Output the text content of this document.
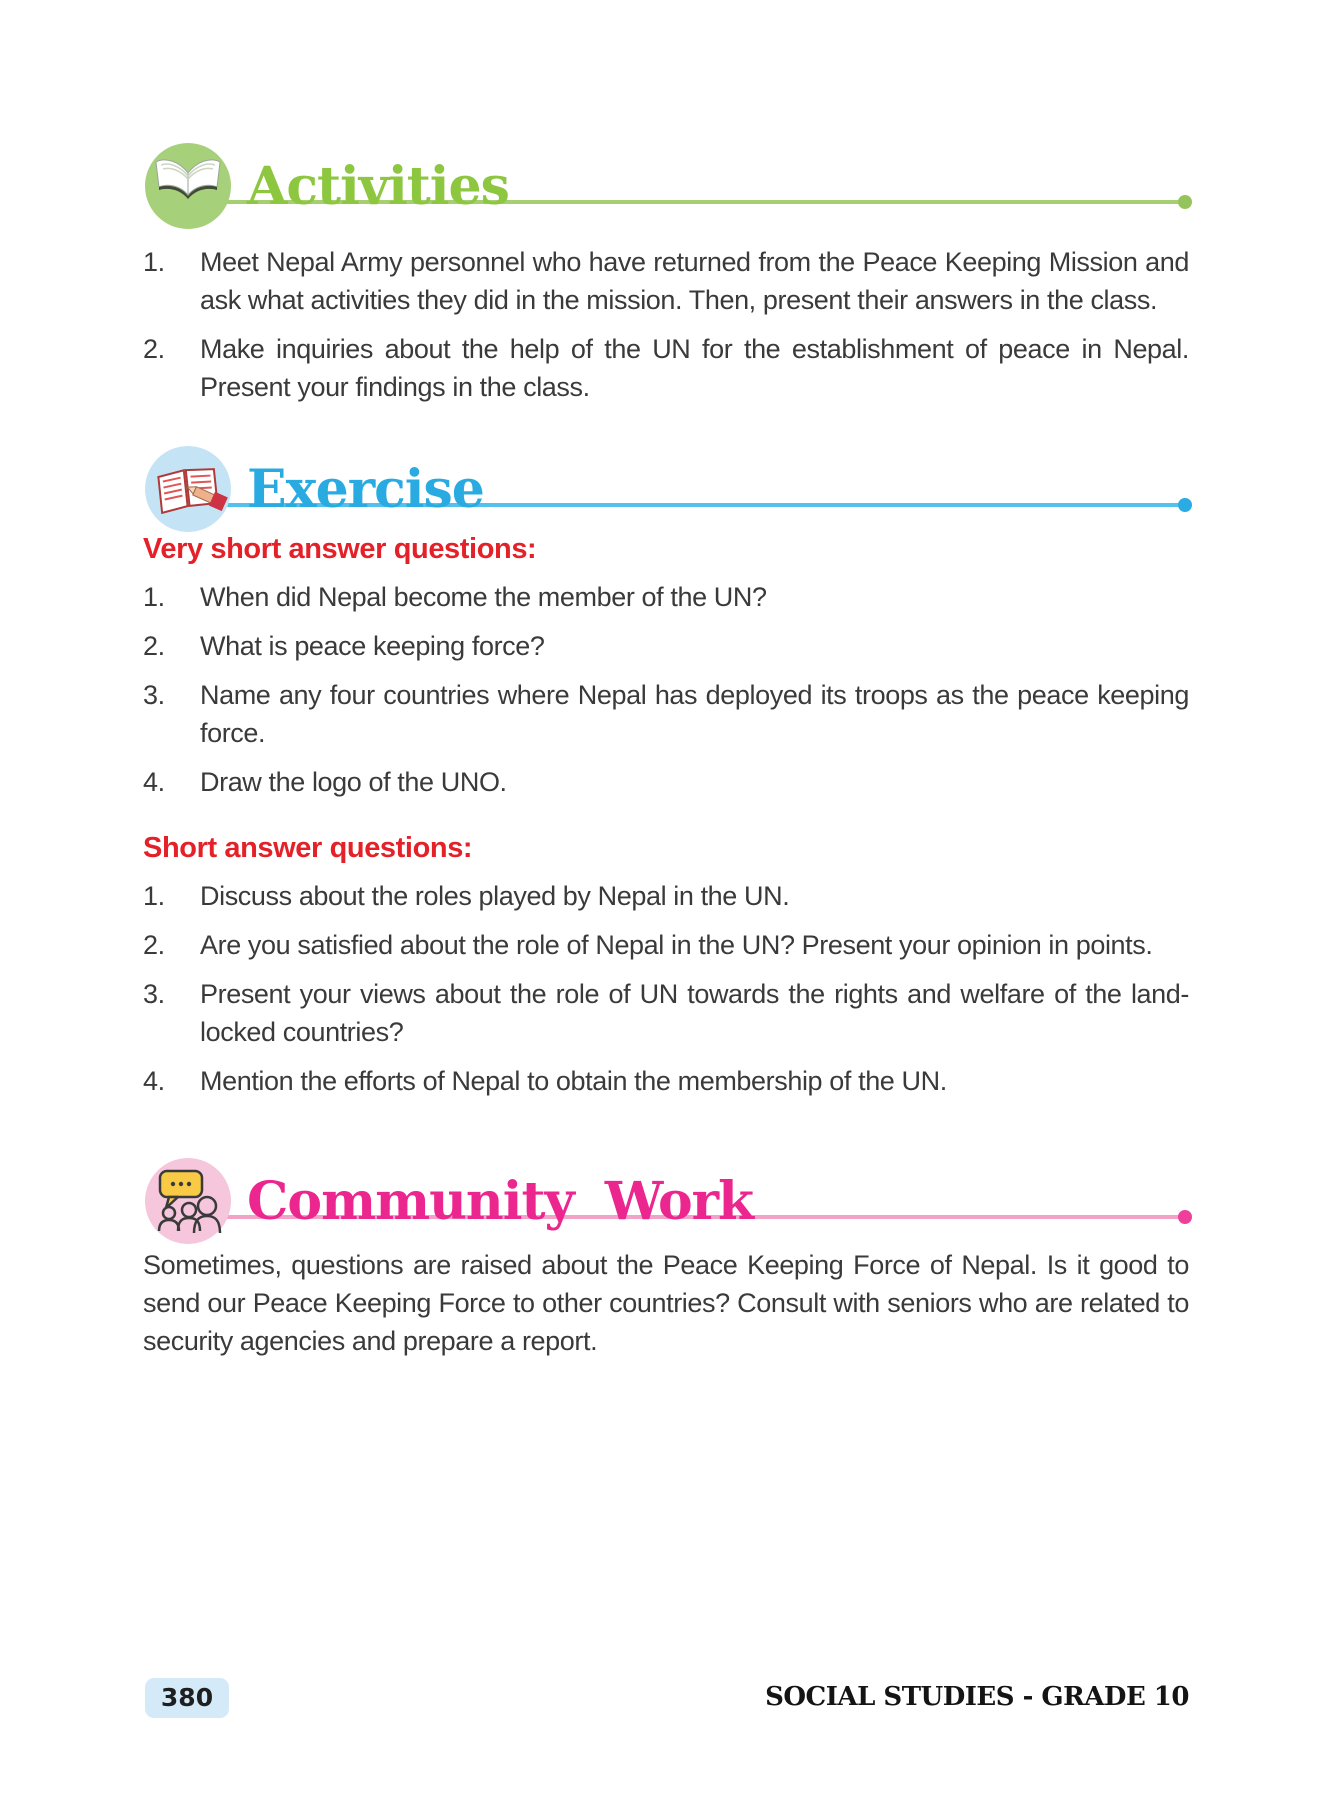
Activities
1.	Meet Nepal Army personnel who have returned from the Peace Keeping Mission and ask what activities they did in the mission. Then, present their answers in the class.
2.	Make inquiries about the help of the UN for the establishment of peace in Nepal. Present your findings in the class.
Exercise
Very short answer questions:
1.	When did Nepal become the member of the UN?
2.	What is peace keeping force?
3.	Name any four countries where Nepal has deployed its troops as the peace keeping force.
4.	Draw the logo of the UNO.
Short answer questions:
1.	Discuss about the roles played by Nepal in the UN.
2.	Are you satisfied about the role of Nepal in the UN? Present your opinion in points.
3.	Present your views about the role of UN towards the rights and welfare of the land-locked countries?
4.	Mention the efforts of Nepal to obtain the membership of the UN.
Community Work

Sometimes, questions are raised about the Peace Keeping Force of Nepal. Is it good to send our Peace Keeping Force to other countries? Consult with seniors who are related to security agencies and prepare a report.

380	SOCIAL STUDIES - GRADE 10
